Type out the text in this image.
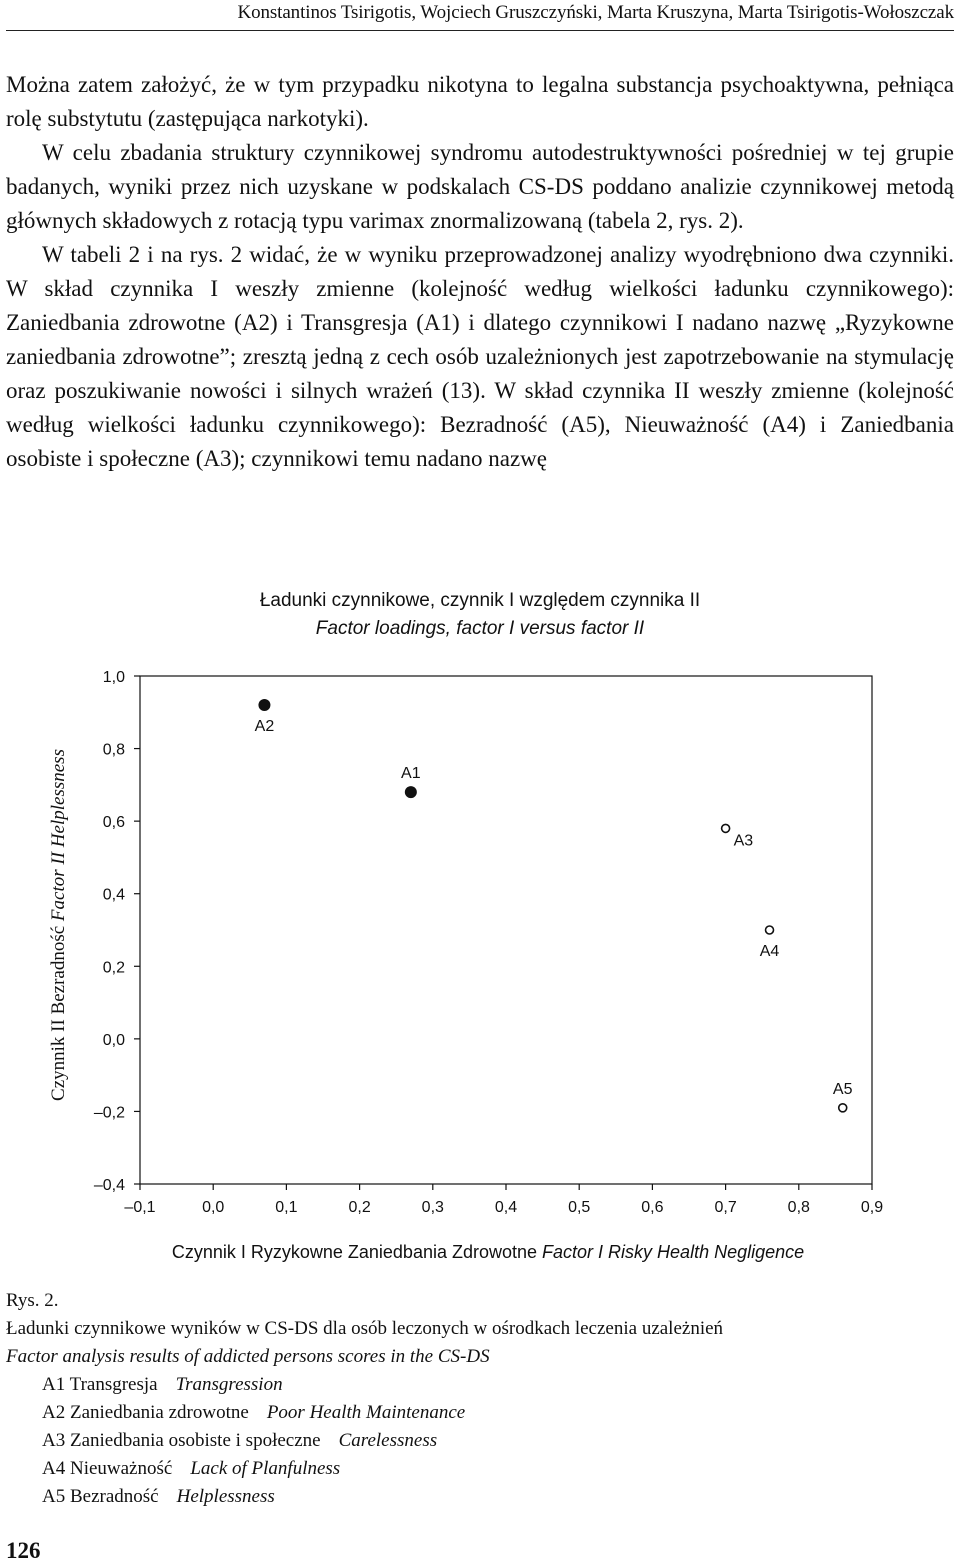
Konstantinos Tsirigotis, Wojciech Gruszczyński, Marta Kruszyna, Marta Tsirigotis-Wołoszczak

Można zatem założyć, że w tym przypadku nikotyna to legalna substancja psychoaktywna, pełniąca rolę substytutu (zastępująca narkotyki).

W celu zbadania struktury czynnikowej syndromu autodestruktywności pośredniej w tej grupie badanych, wyniki przez nich uzyskane w podskalach CS-DS poddano analizie czynnikowej metodą głównych składowych z rotacją typu varimax znormalizowaną (tabela 2, rys. 2).

W tabeli 2 i na rys. 2 widać, że w wyniku przeprowadzonej analizy wyodrębniono dwa czynniki. W skład czynnika I weszły zmienne (kolejność według wielkości ładunku czynnikowego): Zaniedbania zdrowotne (A2) i Transgresja (A1) i dlatego czynnikowi I nadano nazwę „Ryzykowne zaniedbania zdrowotne”; zresztą jedną z cech osób uzależnionych jest zapotrzebowanie na stymulację oraz poszukiwanie nowości i silnych wrażeń (13). W skład czynnika II weszły zmienne (kolejność według wielkości ładunku czynnikowego): Bezradność (A5), Nieuważność (A4) i Zaniedbania osobiste i społeczne (A3); czynnikowi temu nadano nazwę

Ładunki czynnikowe, czynnik I względem czynnika II
Factor loadings, factor I versus factor II
1,0
0,8
0,6
0,4
0,2
0,0
–0,2
–0,4
–0,1	0,0	0,1	0,2	0,3	0,4	0,5	0,6	0,7	0,8	0,9
A2
A1
A3
A4
A5
Czynnik I Ryzykowne Zaniedbania Zdrowotne Factor I Risky Health Negligence
Czynnik II Bezradność Factor II Helplessness
Rys. 2.
Ładunki czynnikowe wyników w CS-DS dla osób leczonych w ośrodkach leczenia uzależnień
Factor analysis results of addicted persons scores in the CS-DS
A1 Transgresja Transgression
A2 Zaniedbania zdrowotne Poor Health Maintenance
A3 Zaniedbania osobiste i społeczne Carelessness
A4 Nieuważność Lack of Planfulness
A5 Bezradność Helplessness
126
